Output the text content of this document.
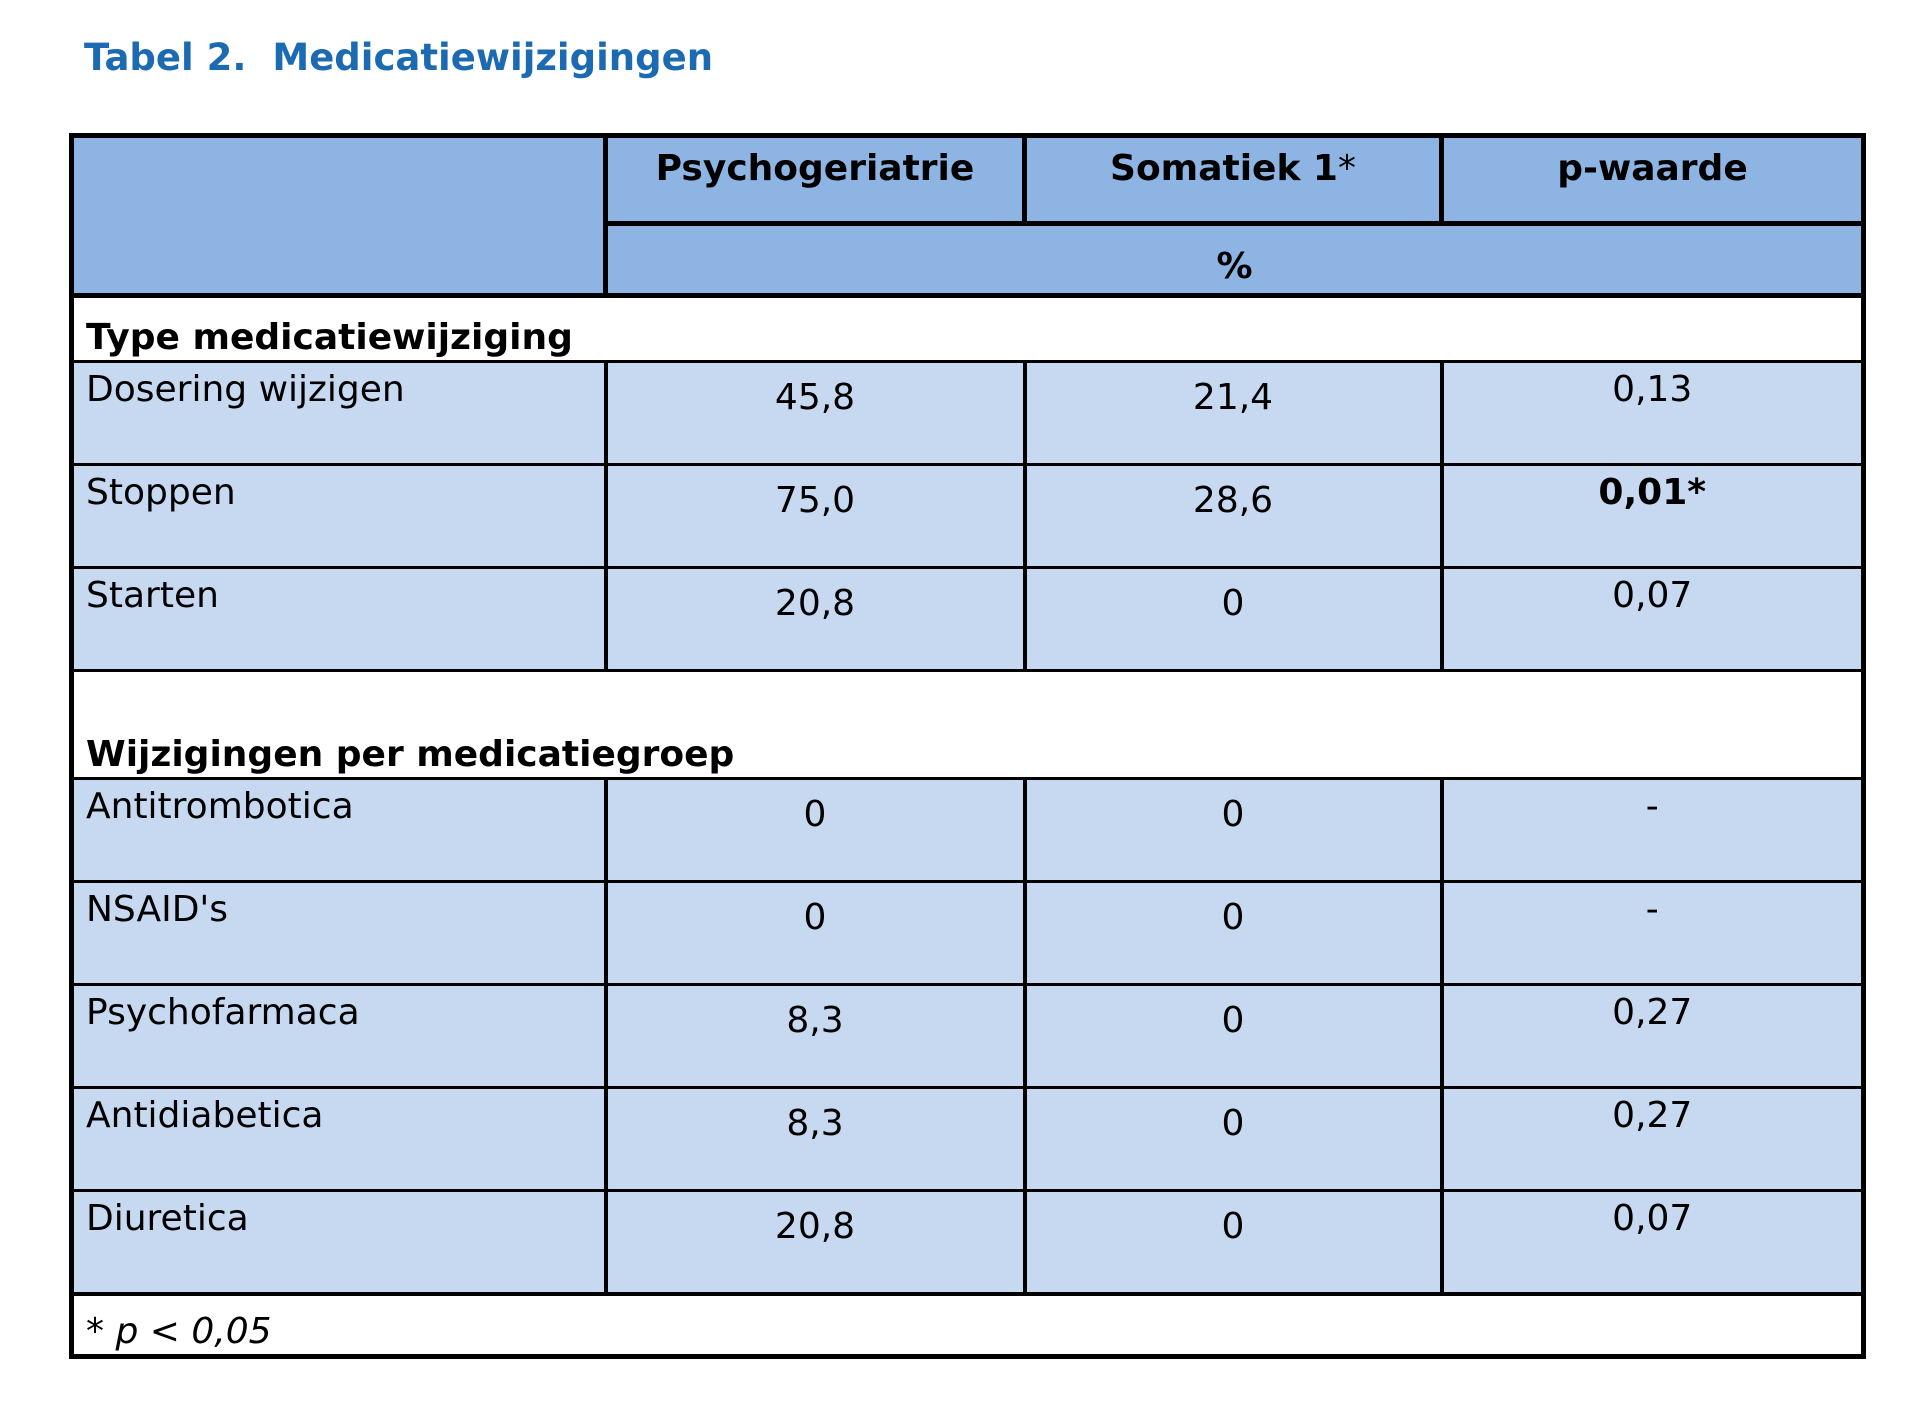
Tabel 2. Medicatiewijzigingen
	Psychogeriatrie	Somatiek 1*	p-waarde
	%		
Type medicatiewijziging			
Dosering wijzigen	45,8	21,4	0,13
Stoppen	75,0	28,6	0,01*
Starten	20,8	0	0,07
Wijzigingen per medicatiegroep			
Antitrombotica	0	0	-
NSAID's	0	0	-
Psychofarmaca	8,3	0	0,27
Antidiabetica	8,3	0	0,27
Diuretica	20,8	0	0,07
* p < 0,05			
